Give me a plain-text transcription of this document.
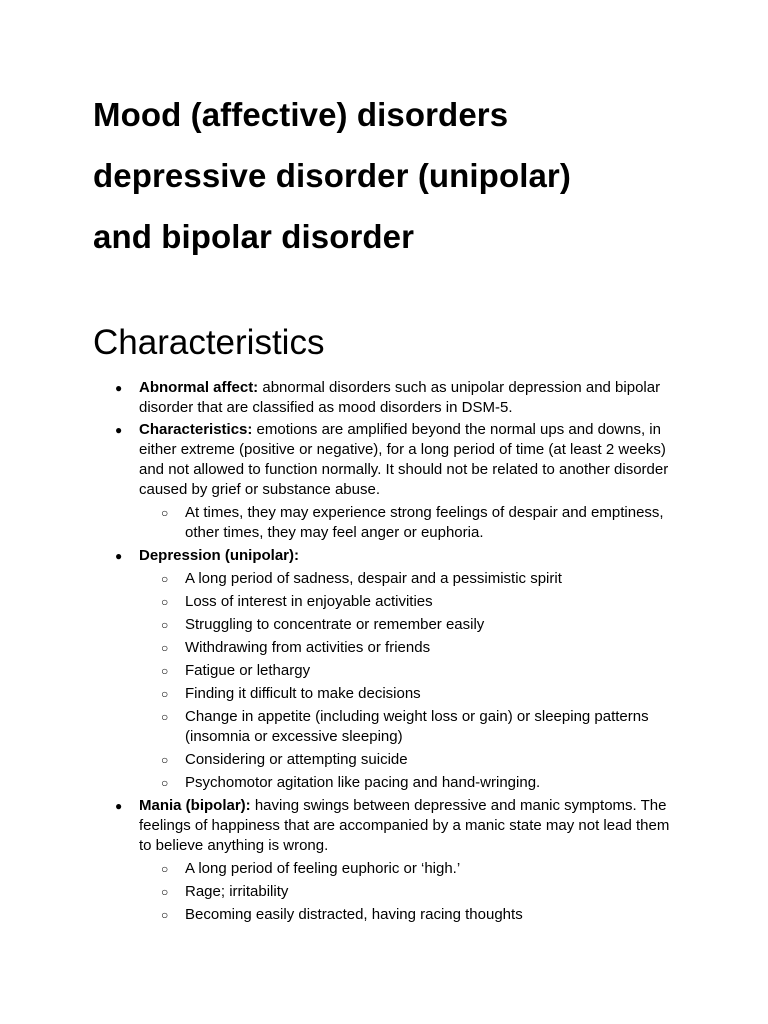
Mood (affective) disorders
depressive disorder (unipolar)
and bipolar disorder
Characteristics
● Abnormal affect: abnormal disorders such as unipolar depression and bipolar disorder that are classified as mood disorders in DSM-5.
● Characteristics: emotions are amplified beyond the normal ups and downs, in either extreme (positive or negative), for a long period of time (at least 2 weeks) and not allowed to function normally. It should not be related to another disorder caused by grief or substance abuse.
○ At times, they may experience strong feelings of despair and emptiness, other times, they may feel anger or euphoria.
● Depression (unipolar):
○ A long period of sadness, despair and a pessimistic spirit
○ Loss of interest in enjoyable activities
○ Struggling to concentrate or remember easily
○ Withdrawing from activities or friends
○ Fatigue or lethargy
○ Finding it difficult to make decisions
○ Change in appetite (including weight loss or gain) or sleeping patterns (insomnia or excessive sleeping)
○ Considering or attempting suicide
○ Psychomotor agitation like pacing and hand-wringing.
● Mania (bipolar): having swings between depressive and manic symptoms. The feelings of happiness that are accompanied by a manic state may not lead them to believe anything is wrong.
○ A long period of feeling euphoric or ‘high.’
○ Rage; irritability
○ Becoming easily distracted, having racing thoughts
